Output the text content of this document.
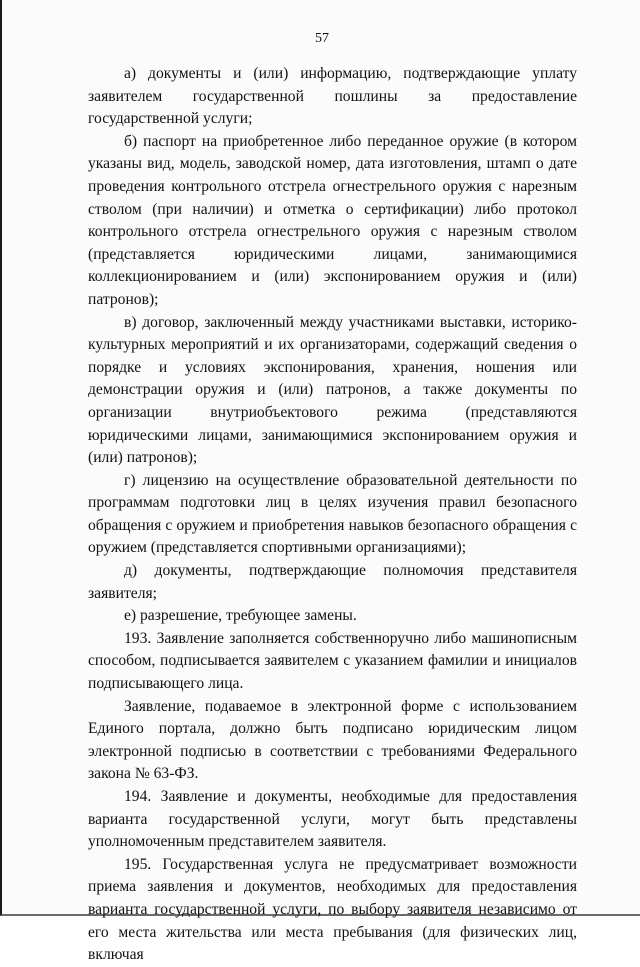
57

а) документы и (или) информацию, подтверждающие уплату заявителем государственной пошлины за предоставление государственной услуги;

б) паспорт на приобретенное либо переданное оружие (в котором указаны вид, модель, заводской номер, дата изготовления, штамп о дате проведения контрольного отстрела огнестрельного оружия с нарезным стволом (при наличии) и отметка о сертификации) либо протокол контрольного отстрела огнестрельного оружия с нарезным стволом (представляется юридическими лицами, занимающимися коллекционированием и (или) экспонированием оружия и (или) патронов);

в) договор, заключенный между участниками выставки, историко-культурных мероприятий и их организаторами, содержащий сведения о порядке и условиях экспонирования, хранения, ношения или демонстрации оружия и (или) патронов, а также документы по организации внутриобъектового режима (представляются юридическими лицами, занимающимися экспонированием оружия и (или) патронов);

г) лицензию на осуществление образовательной деятельности по программам подготовки лиц в целях изучения правил безопасного обращения с оружием и приобретения навыков безопасного обращения с оружием (представляется спортивными организациями);

д) документы, подтверждающие полномочия представителя заявителя;

е) разрешение, требующее замены.

193. Заявление заполняется собственноручно либо машинописным способом, подписывается заявителем с указанием фамилии и инициалов подписывающего лица.

Заявление, подаваемое в электронной форме с использованием Единого портала, должно быть подписано юридическим лицом электронной подписью в соответствии с требованиями Федерального закона № 63-ФЗ.

194. Заявление и документы, необходимые для предоставления варианта государственной услуги, могут быть представлены уполномоченным представителем заявителя.

195. Государственная услуга не предусматривает возможности приема заявления и документов, необходимых для предоставления варианта государственной услуги, по выбору заявителя независимо от его места жительства или места пребывания (для физических лиц, включая
